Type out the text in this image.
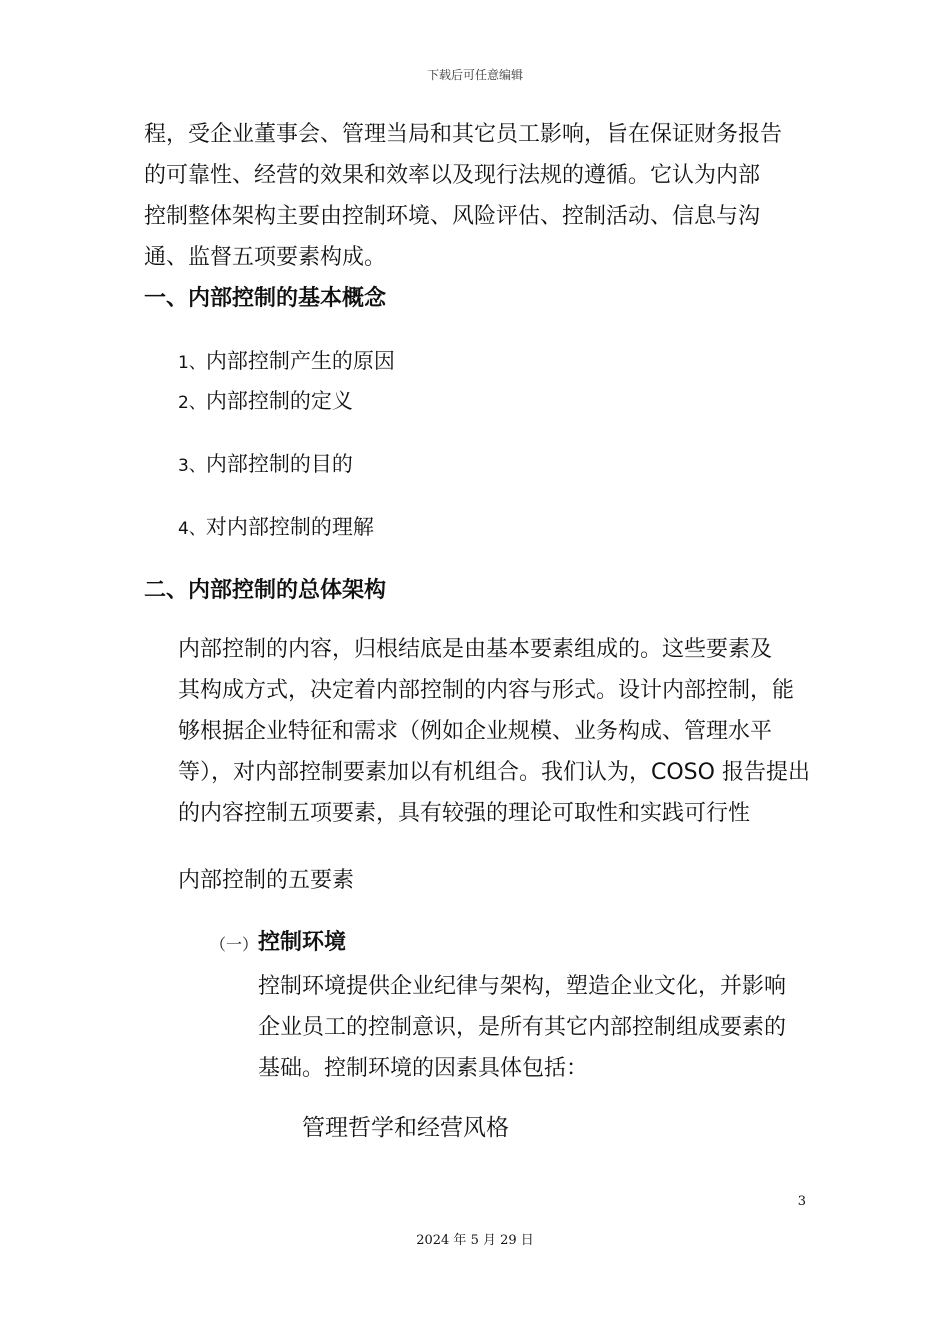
下载后可任意编辑
程，受企业董事会、管理当局和其它员工影响，旨在保证财务报告
的可靠性、经营的效果和效率以及现行法规的遵循。它认为内部
控制整体架构主要由控制环境、风险评估、控制活动、信息与沟
通、监督五项要素构成。
一、内部控制的基本概念
1、内部控制产生的原因
2、内部控制的定义
3、内部控制的目的
4、对内部控制的理解
二、内部控制的总体架构
内部控制的内容，归根结底是由基本要素组成的。这些要素及
其构成方式，决定着内部控制的内容与形式。设计内部控制，能
够根据企业特征和需求（例如企业规模、业务构成、管理水平
等），对内部控制要素加以有机组合。我们认为，COSO 报告提出
的内容控制五项要素，具有较强的理论可取性和实践可行性
内部控制的五要素
（一） 控制环境
控制环境提供企业纪律与架构，塑造企业文化，并影响
企业员工的控制意识，是所有其它内部控制组成要素的
基础。控制环境的因素具体包括：
管理哲学和经营风格
3
2024 年 5 月 29 日
